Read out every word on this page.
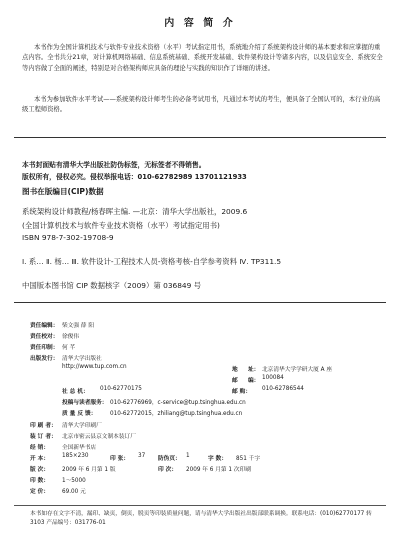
内 容 简 介
本书作为全国计算机技术与软件专业技术资格（水平）考试指定用书，系统地介绍了系统架构设计师的基本要求和应掌握的重点内容。全书共分21章，对计算机网络基础、信息系统基础、系统开发基础、软件架构设计等诸多内容，以及信息安全、系统安全等内容做了全面的阐述，特别是对合格架构师应具备的理论与实践的知识作了详细的讲述。
本书为参加软件水平考试——系统架构设计师考生的必备考试用书，凡通过本考试的考生，便具备了全国认可的，本行业的高级工程师资格。
本书封面贴有清华大学出版社防伪标签，无标签者不得销售。
版权所有，侵权必究。侵权举报电话：010-62782989 13701121933
图书在版编目(CIP)数据
系统架构设计师教程/杨春晖主编. —北京：清华大学出版社，2009.6
(全国计算机技术与软件专业技术资格（水平）考试指定用书)
ISBN 978-7-302-19708-9
Ⅰ. 系… Ⅱ. 杨… Ⅲ. 软件设计-工程技术人员-资格考核-自学参考资料 Ⅳ. TP311.5
中国版本图书馆 CIP 数据核字（2009）第 036849 号
责任编辑： 柴文强 薛 阳
责任校对： 徐俊伟
责任印制： 何 芊
出版发行： 清华大学出版社
http://www.tup.com.cn	地 址： 北京清华大学学研大厦 A 座
邮 编： 100084
社 总 机： 010-62770175	邮 购： 010-62786544
投稿与读者服务： 010-62776969，c-service@tup.tsinghua.edu.cn
质 量 反 馈： 010-62772015，zhiliang@tup.tsinghua.edu.cn
印 刷 者： 清华大学印刷厂
装 订 者： 北京市密云县京文制本装订厂
经 销： 全国新华书店
开 本： 185×230	印 张： 37 防伪页： 1	字 数： 851 千字
版 次： 2009 年 6 月第 1 版	印 次： 2009 年 6 月第 1 次印刷
印 数： 1～5000
定 价： 69.00 元
本书如存在文字不清，漏印、缺页，倒页，脱页等印装质量问题，请与清华大学出版社出版部联系调换。联系电话：(010)62770177 转 3103 产品编号：031776-01
